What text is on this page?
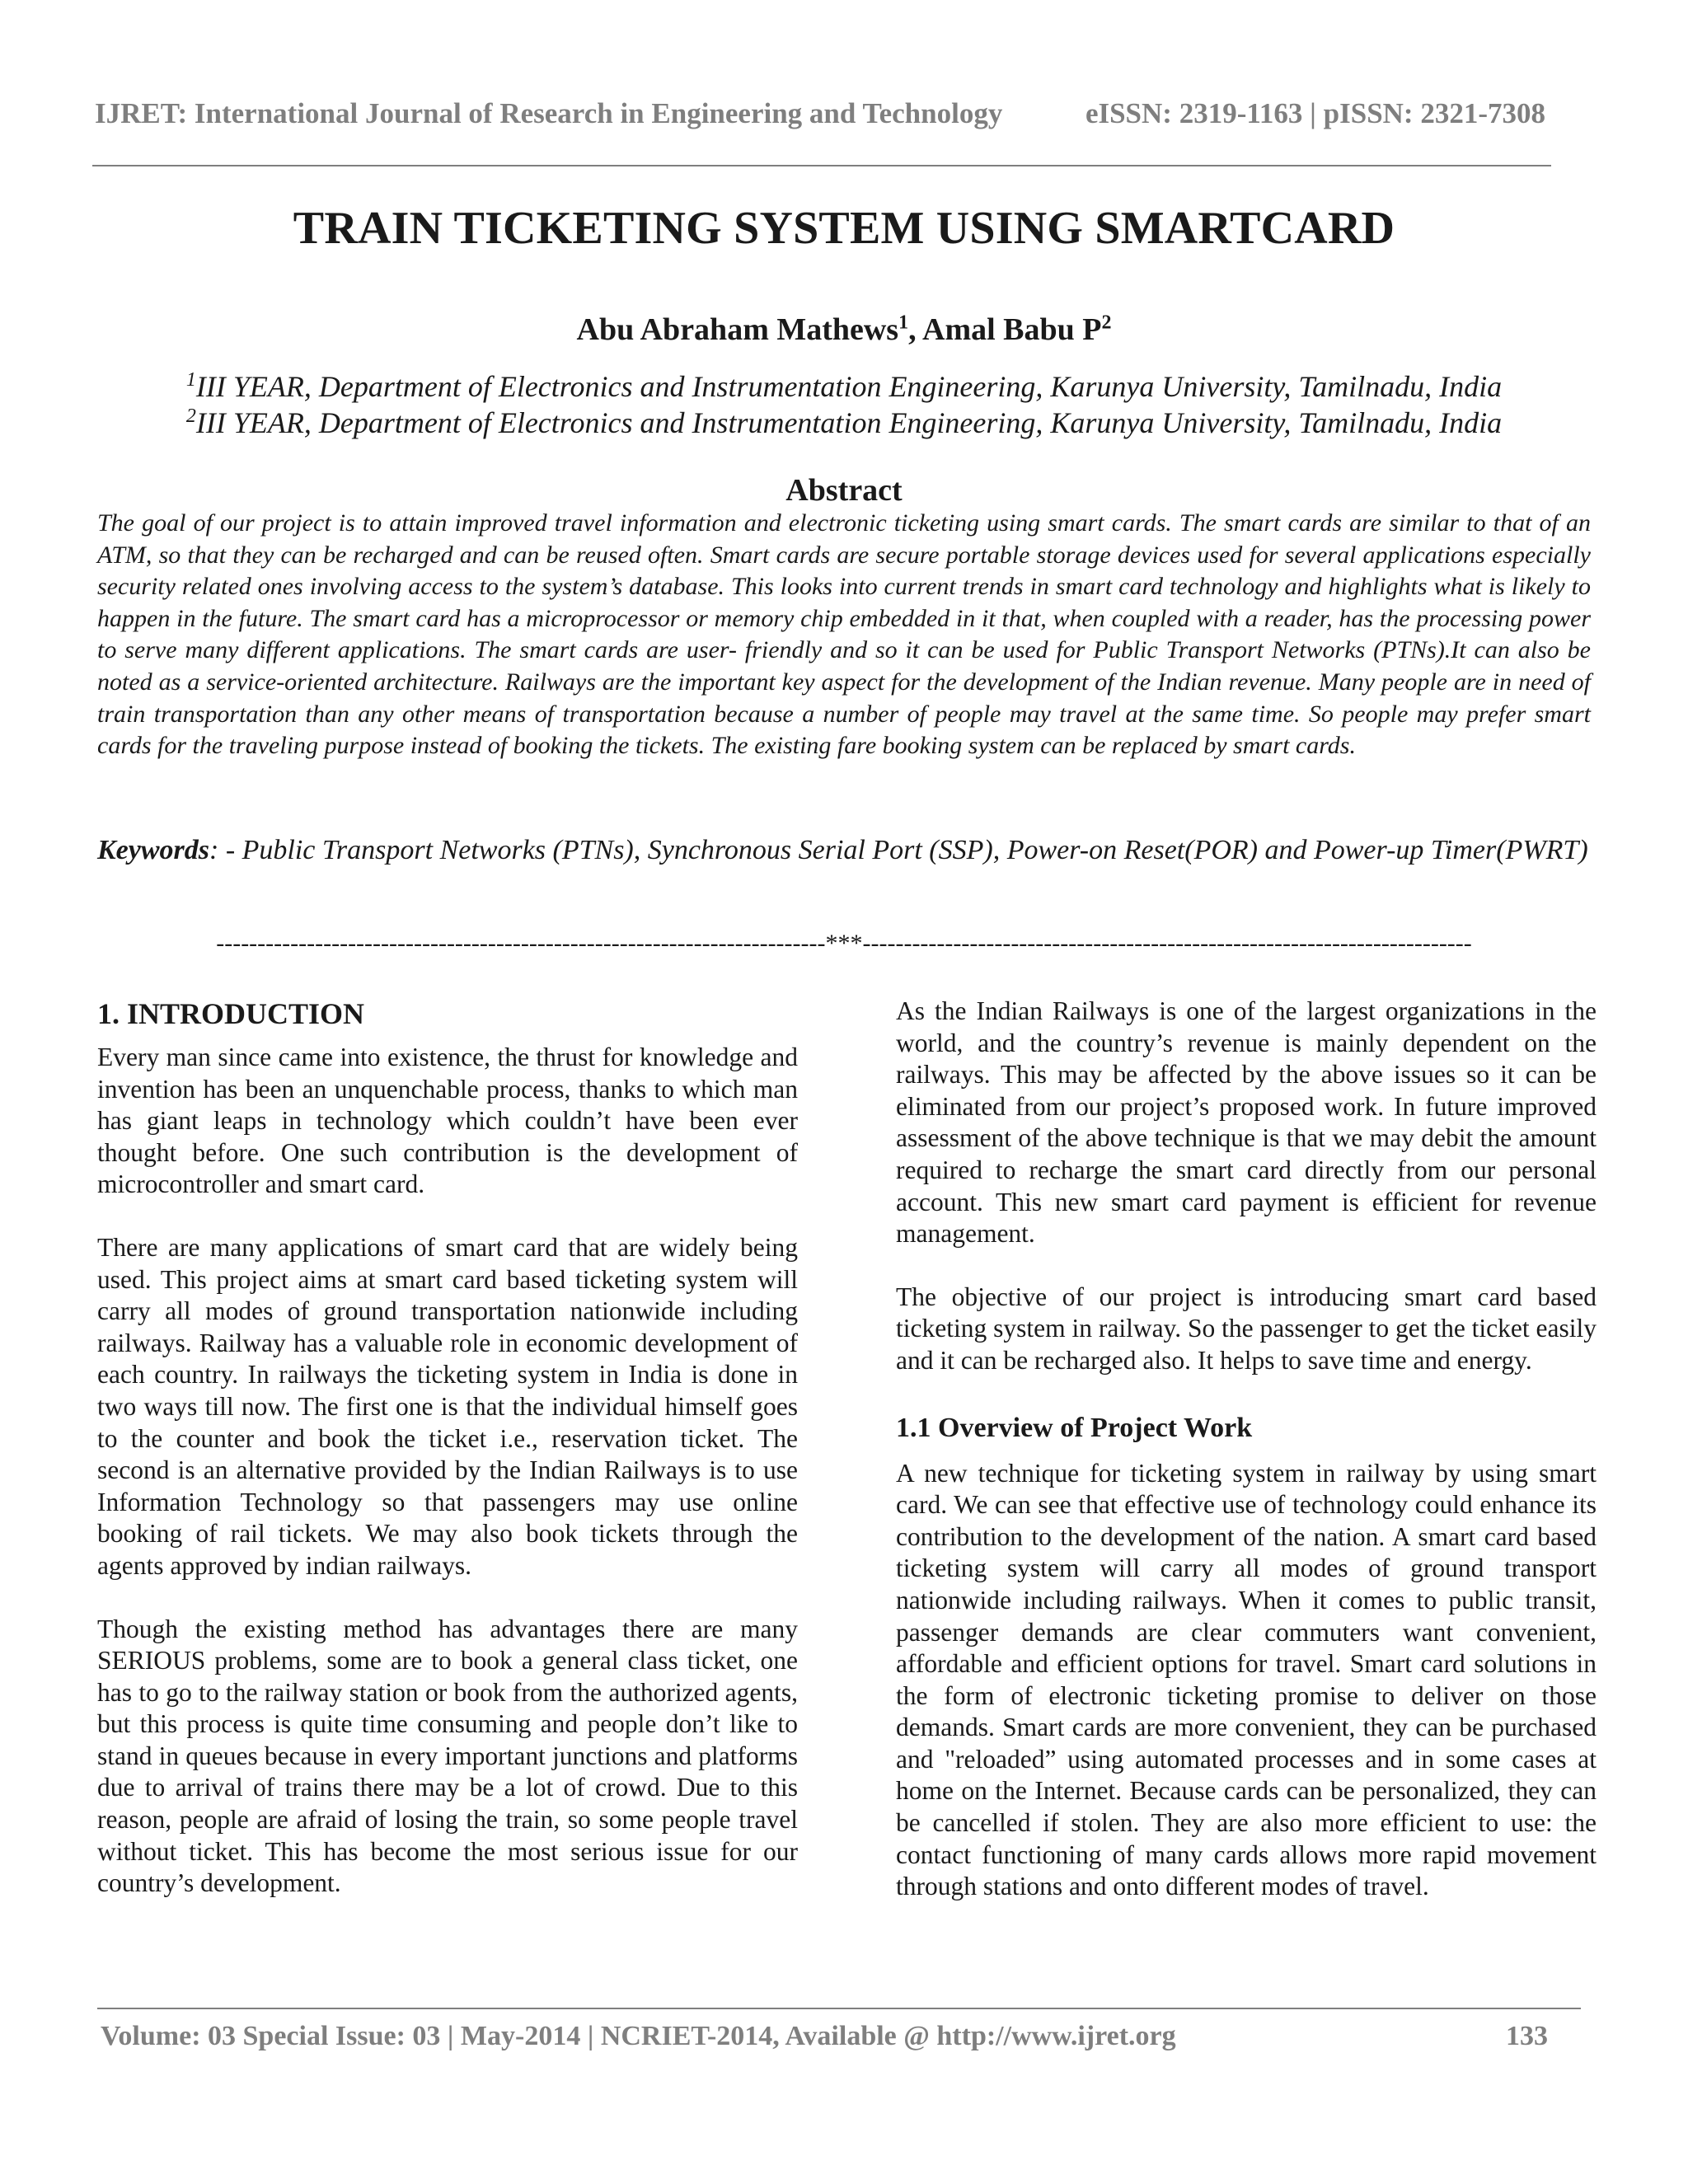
IJRET: International Journal of Research in Engineering and Technology	eISSN: 2319-1163 | pISSN: 2321-7308
TRAIN TICKETING SYSTEM USING SMARTCARD
Abu Abraham Mathews$^1$, Amal Babu $P^2$
$^1$III YEAR, Department of Electronics and Instrumentation Engineering, Karunya University, Tamilnadu, India
$^2$III YEAR, Department of Electronics and Instrumentation Engineering, Karunya University, Tamilnadu, India
Abstract

The goal of our project is to attain improved travel information and electronic ticketing using smart cards. The smart cards are similar to that of an ATM, so that they can be recharged and can be reused often. Smart cards are secure portable storage devices used for several applications especially security related ones involving access to the system’s database. This looks into current trends in smart card technology and highlights what is likely to happen in the future. The smart card has a microprocessor or memory chip embedded in it that, when coupled with a reader, has the processing power to serve many different applications. The smart cards are user- friendly and so it can be used for Public Transport Networks (PTNs).It can also be noted as a service-oriented architecture. Railways are the important key aspect for the development of the Indian revenue. Many people are in need of train transportation than any other means of transportation because a number of people may travel at the same time. So people may prefer smart cards for the traveling purpose instead of booking the tickets. The existing fare booking system can be replaced by smart cards.

Keywords: - Public Transport Networks (PTNs), Synchronous Serial Port (SSP), Power-on Reset(POR) and Power-up Timer(PWRT)

--------------------------------------------------------------------------***--------------------------------------------------------------------------
1. INTRODUCTION

Every man since came into existence, the thrust for knowledge and invention has been an unquenchable process, thanks to which man has giant leaps in technology which couldn’t have been ever thought before. One such contribution is the development of microcontroller and smart card.

There are many applications of smart card that are widely being used. This project aims at smart card based ticketing system will carry all modes of ground transportation nationwide including railways. Railway has a valuable role in economic development of each country. In railways the ticketing system in India is done in two ways till now. The first one is that the individual himself goes to the counter and book the ticket i.e., reservation ticket. The second is an alternative provided by the Indian Railways is to use Information Technology so that passengers may use online booking of rail tickets. We may also book tickets through the agents approved by indian railways.

Though the existing method has advantages there are many SERIOUS problems, some are to book a general class ticket, one has to go to the railway station or book from the authorized agents, but this process is quite time consuming and people don’t like to stand in queues because in every important junctions and platforms due to arrival of trains there may be a lot of crowd. Due to this reason, people are afraid of losing the train, so some people travel without ticket. This has become the most serious issue for our country’s development.

As the Indian Railways is one of the largest organizations in the world, and the country’s revenue is mainly dependent on the railways. This may be affected by the above issues so it can be eliminated from our project’s proposed work. In future improved assessment of the above technique is that we may debit the amount required to recharge the smart card directly from our personal account. This new smart card payment is efficient for revenue management.

The objective of our project is introducing smart card based ticketing system in railway. So the passenger to get the ticket easily and it can be recharged also. It helps to save time and energy.

1.1 Overview of Project Work

A new technique for ticketing system in railway by using smart card. We can see that effective use of technology could enhance its contribution to the development of the nation. A smart card based ticketing system will carry all modes of ground transport nationwide including railways. When it comes to public transit, passenger demands are clear commuters want convenient, affordable and efficient options for travel. Smart card solutions in the form of electronic ticketing promise to deliver on those demands. Smart cards are more convenient, they can be purchased and "reloaded” using automated processes and in some cases at home on the Internet. Because cards can be personalized, they can be cancelled if stolen. They are also more efficient to use: the contact functioning of many cards allows more rapid movement through stations and onto different modes of travel.

Volume: 03 Special Issue: 03 | May-2014 | NCRIET-2014, Available @ http://www.ijret.org	133
